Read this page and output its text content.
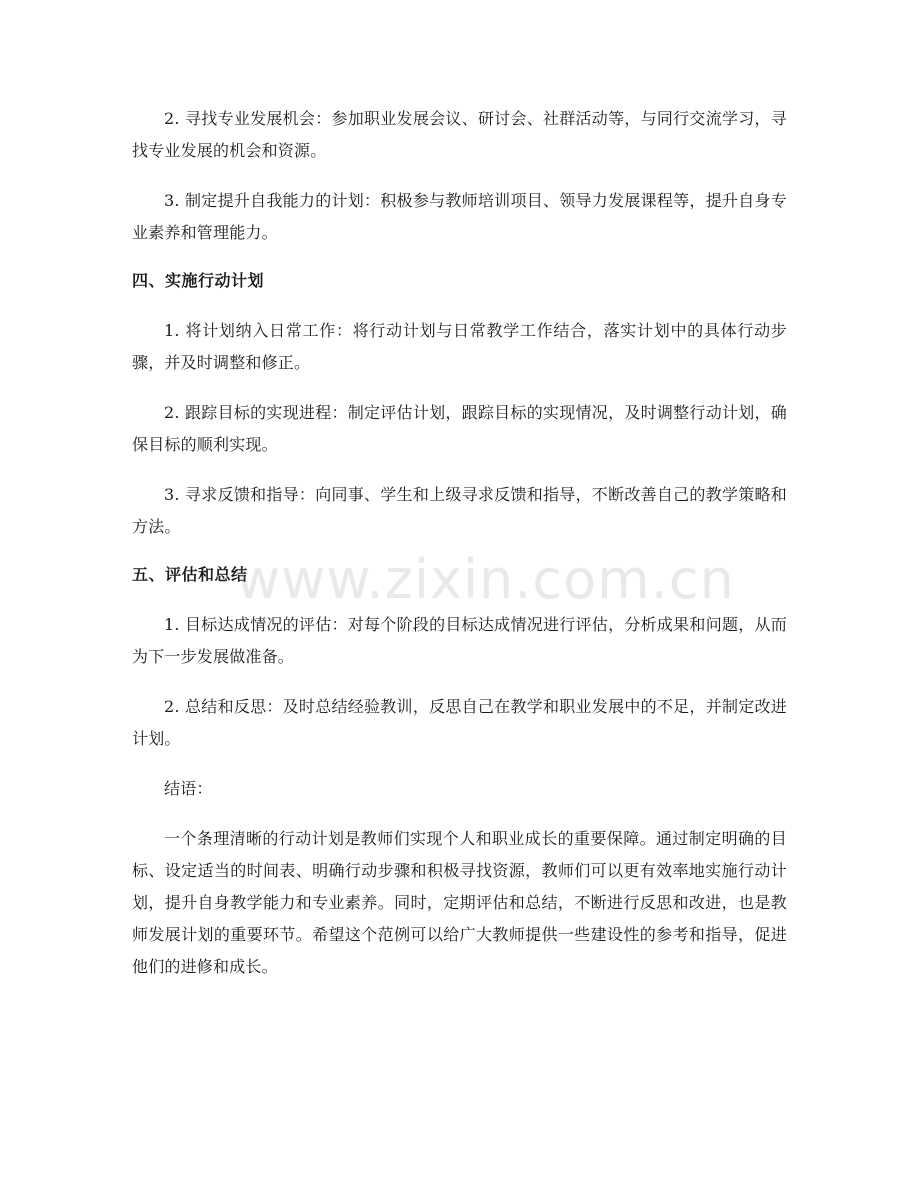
2. 寻找专业发展机会：参加职业发展会议、研讨会、社群活动等，与同行交流学习，寻找专业发展的机会和资源。

3. 制定提升自我能力的计划：积极参与教师培训项目、领导力发展课程等，提升自身专业素养和管理能力。

四、实施行动计划

1. 将计划纳入日常工作：将行动计划与日常教学工作结合，落实计划中的具体行动步骤，并及时调整和修正。

2. 跟踪目标的实现进程：制定评估计划，跟踪目标的实现情况，及时调整行动计划，确保目标的顺利实现。

3. 寻求反馈和指导：向同事、学生和上级寻求反馈和指导，不断改善自己的教学策略和方法。

五、评估和总结

1. 目标达成情况的评估：对每个阶段的目标达成情况进行评估，分析成果和问题，从而为下一步发展做准备。

2. 总结和反思：及时总结经验教训，反思自己在教学和职业发展中的不足，并制定改进计划。

结语：

一个条理清晰的行动计划是教师们实现个人和职业成长的重要保障。通过制定明确的目标、设定适当的时间表、明确行动步骤和积极寻找资源，教师们可以更有效率地实施行动计划，提升自身教学能力和专业素养。同时，定期评估和总结，不断进行反思和改进，也是教师发展计划的重要环节。希望这个范例可以给广大教师提供一些建设性的参考和指导，促进他们的进修和成长。

www.zixin.com.cn
